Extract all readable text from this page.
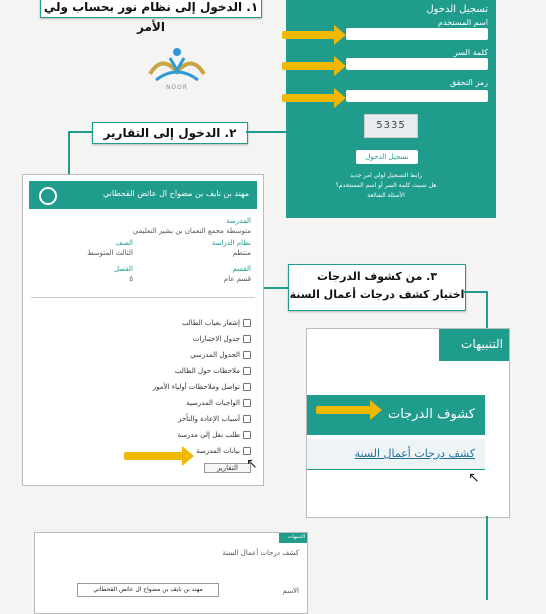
١. الدخول إلى نظام نور بحساب ولي الأمر
NOOR
تسجيل الدخول
اسم المستخدم
كلمة السر
رمز التحقق
5335
تسجيل الدخول
رابط التسجيل لولي امر جديد
هل نسيت كلمة السر أو اسم المستخدم؟
الأسئلة الشائعة
٢. الدخول إلى التقارير
مهند بن نايف بن مضواح ال عائض القحطاني
المدرسة
متوسطة مجمع النعمان بن بشير التعليمي
نظام الدراسة
منتظم
الصف
الثالث المتوسط
القسم
قسم عام
الفصل
٥
إشعار بغياب الطالب
جدول الاختبارات
الجدول المدرسي
ملاحظات حول الطالب
تواصل وملاحظات أولياء الأمور
الواجبات المدرسية
أسباب الإعادة والتأخر
طلب نقل إلى مدرسة
بيانات المدرسة
التقارير ↖
٣. من كشوف الدرجات
اختيار كشف درجات أعمال السنة
التنبيهات
كشوف الدرجات
كشف درجات أعمال السنة
↖
التنبيهات
كشف درجات أعمال السنة
الاسم
مهند بن نايف بن مضواح ال عائض القحطاني
